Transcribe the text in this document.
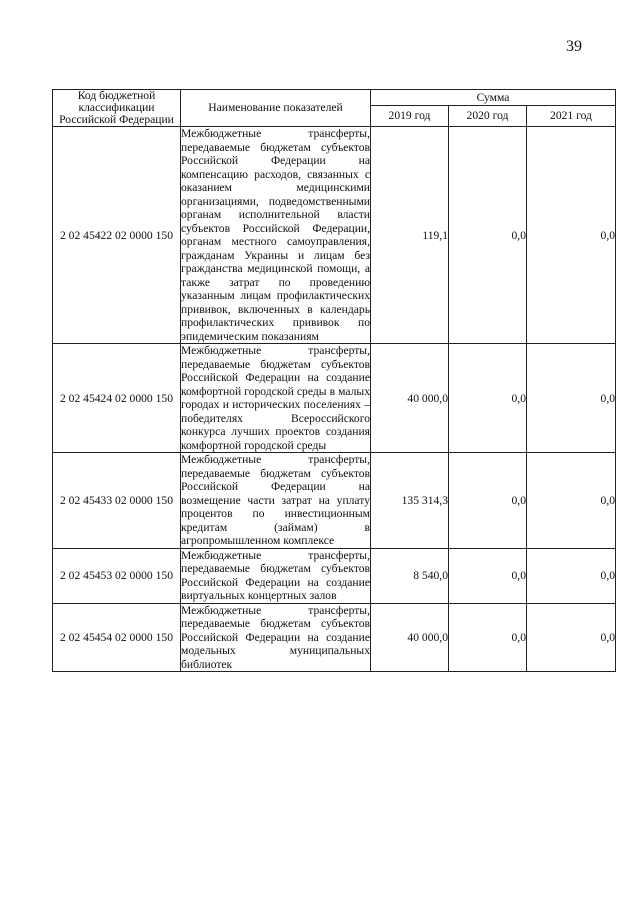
39
Код бюджетной классификации Российской Федерации	Наименование показателей	Сумма		
		2019 год	2020 год	2021 год
2 02 45422 02 0000 150	Межбюджетные трансферты, передаваемые бюджетам субъектов Российской Федерации на компенсацию расходов, связанных с оказанием медицинскими организациями, подведомственными органам исполнительной власти субъектов Российской Федерации, органам местного самоуправления, гражданам Украины и лицам без гражданства медицинской помощи, а также затрат по проведению указанным лицам профилактических прививок, включенных в календарь профилактических прививок по эпидемическим показаниям	119,1	0,0	0,0
2 02 45424 02 0000 150	Межбюджетные трансферты, передаваемые бюджетам субъектов Российской Федерации на создание комфортной городской среды в малых городах и исторических поселениях – победителях Всероссийского конкурса лучших проектов создания комфортной городской среды	40 000,0	0,0	0,0
2 02 45433 02 0000 150	Межбюджетные трансферты, передаваемые бюджетам субъектов Российской Федерации на возмещение части затрат на уплату процентов по инвестиционным кредитам (займам) в агропромышленном комплексе	135 314,3	0,0	0,0
2 02 45453 02 0000 150	Межбюджетные трансферты, передаваемые бюджетам субъектов Российской Федерации на создание виртуальных концертных залов	8 540,0	0,0	0,0
2 02 45454 02 0000 150	Межбюджетные трансферты, передаваемые бюджетам субъектов Российской Федерации на создание модельных муниципальных библиотек	40 000,0	0,0	0,0
